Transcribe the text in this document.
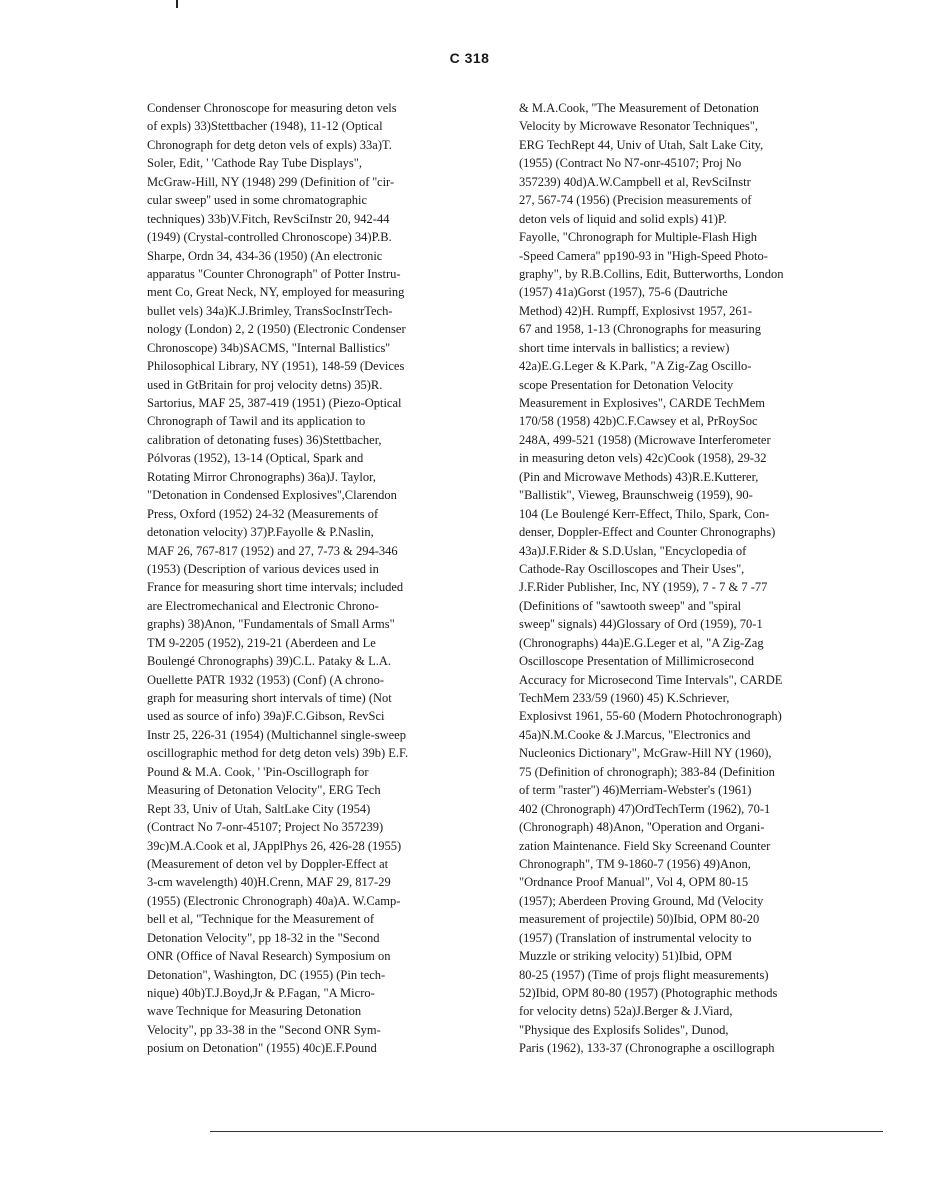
C 318
Condenser Chronoscope for measuring deton vels
of expls) 33)Stettbacher (1948), 11-12 (Optical
Chronograph for detg deton vels of expls) 33a)T.
Soler, Edit, ' 'Cathode Ray Tube Displays",
McGraw-Hill, NY (1948) 299 (Definition of ''cir-
cular sweep'' used in some chromatographic
techniques) 33b)V.Fitch, RevSciInstr 20, 942-44
(1949) (Crystal-controlled Chronoscope) 34)P.B.
Sharpe, Ordn 34, 434-36 (1950) (An electronic
apparatus "Counter Chronograph" of Potter Instru-
ment Co, Great Neck, NY, employed for measuring
bullet vels) 34a)K.J.Brimley, TransSocInstrTech-
nology (London) 2, 2 (1950) (Electronic Condenser
Chronoscope) 34b)SACMS, "Internal Ballistics''
Philosophical Library, NY (1951), 148-59 (Devices
used in GtBritain for proj velocity detns) 35)R.
Sartorius, MAF 25, 387-419 (1951) (Piezo-Optical
Chronograph of Tawil and its application to
calibration of detonating fuses) 36)Stettbacher,
Pólvoras (1952), 13-14 (Optical, Spark and
Rotating Mirror Chronographs) 36a)J. Taylor,
"Detonation in Condensed Explosives'',Clarendon
Press, Oxford (1952) 24-32 (Measurements of
detonation velocity) 37)P.Fayolle & P.Naslin,
MAF 26, 767-817 (1952) and 27, 7-73 & 294-346
(1953) (Description of various devices used in
France for measuring short time intervals; included
are Electromechanical and Electronic Chrono-
graphs) 38)Anon, "Fundamentals of Small Arms"
TM 9-2205 (1952), 219-21 (Aberdeen and Le
Boulengé Chronographs) 39)C.L. Pataky & L.A.
Ouellette PATR 1932 (1953) (Conf) (A chrono-
graph for measuring short intervals of time) (Not
used as source of info) 39a)F.C.Gibson, RevSci
Instr 25, 226-31 (1954) (Multichannel single-sweep
oscillographic method for detg deton vels) 39b) E.F.
Pound & M.A. Cook, ' 'Pin-Oscillograph for
Measuring of Detonation Velocity", ERG Tech
Rept 33, Univ of Utah, SaltLake City (1954)
(Contract No 7-onr-45107; Project No 357239)
39c)M.A.Cook et al, JApplPhys 26, 426-28 (1955)
(Measurement of deton vel by Doppler-Effect at
3-cm wavelength) 40)H.Crenn, MAF 29, 817-29
(1955) (Electronic Chronograph) 40a)A. W.Camp-
bell et al, "Technique for the Measurement of
Detonation Velocity", pp 18-32 in the "Second
ONR (Office of Naval Research) Symposium on
Detonation", Washington, DC (1955) (Pin tech-
nique) 40b)T.J.Boyd,Jr & P.Fagan, "A Micro-
wave Technique for Measuring Detonation
Velocity", pp 33-38 in the "Second ONR Sym-
posium on Detonation" (1955) 40c)E.F.Pound
& M.A.Cook, ''The Measurement of Detonation
Velocity by Microwave Resonator Techniques",
ERG TechRept 44, Univ of Utah, Salt Lake City,
(1955) (Contract No N7-onr-45107; Proj No
357239) 40d)A.W.Campbell et al, RevSciInstr
27, 567-74 (1956) (Precision measurements of
deton vels of liquid and solid expls) 41)P.
Fayolle, "Chronograph for Multiple-Flash High
-Speed Camera'' pp190-93 in ''High-Speed Photo-
graphy", by R.B.Collins, Edit, Butterworths, London
(1957) 41a)Gorst (1957), 75-6 (Dautriche
Method) 42)H. Rumpff, Explosivst 1957, 261-
67 and 1958, 1-13 (Chronographs for measuring
short time intervals in ballistics; a review)
42a)E.G.Leger & K.Park, "A Zig-Zag Oscillo-
scope Presentation for Detonation Velocity
Measurement in Explosives", CARDE TechMem
170/58 (1958) 42b)C.F.Cawsey et al, PrRoySoc
248A, 499-521 (1958) (Microwave Interferometer
in measuring deton vels) 42c)Cook (1958), 29-32
(Pin and Microwave Methods) 43)R.E.Kutterer,
"Ballistik", Vieweg, Braunschweig (1959), 90-
104 (Le Boulengé Kerr-Effect, Thilo, Spark, Con-
denser, Doppler-Effect and Counter Chronographs)
43a)J.F.Rider & S.D.Uslan, "Encyclopedia of
Cathode-Ray Oscilloscopes and Their Uses",
J.F.Rider Publisher, Inc, NY (1959), 7 - 7 & 7 -77
(Definitions of ''sawtooth sweep'' and ''spiral
sweep'' signals) 44)Glossary of Ord (1959), 70-1
(Chronographs) 44a)E.G.Leger et al, "A Zig-Zag
Oscilloscope Presentation of Millimicrosecond
Accuracy for Microsecond Time Intervals", CARDE
TechMem 233/59 (1960) 45) K.Schriever,
Explosivst 1961, 55-60 (Modern Photochronograph)
45a)N.M.Cooke & J.Marcus, "Electronics and
Nucleonics Dictionary", McGraw-Hill NY (1960),
75 (Definition of chronograph); 383-84 (Definition
of term ''raster'') 46)Merriam-Webster's (1961)
402 (Chronograph) 47)OrdTechTerm (1962), 70-1
(Chronograph) 48)Anon, ''Operation and Organi-
zation Maintenance. Field Sky Screenand Counter
Chronograph", TM 9-1860-7 (1956) 49)Anon,
"Ordnance Proof Manual", Vol 4, OPM 80-15
(1957); Aberdeen Proving Ground, Md (Velocity
measurement of projectile) 50)Ibid, OPM 80-20
(1957) (Translation of instrumental velocity to
Muzzle or striking velocity) 51)Ibid, OPM
80-25 (1957) (Time of projs flight measurements)
52)Ibid, OPM 80-80 (1957) (Photographic methods
for velocity detns) 52a)J.Berger & J.Viard,
"Physique des Explosifs Solides", Dunod,
Paris (1962), 133-37 (Chronographe a oscillograph
